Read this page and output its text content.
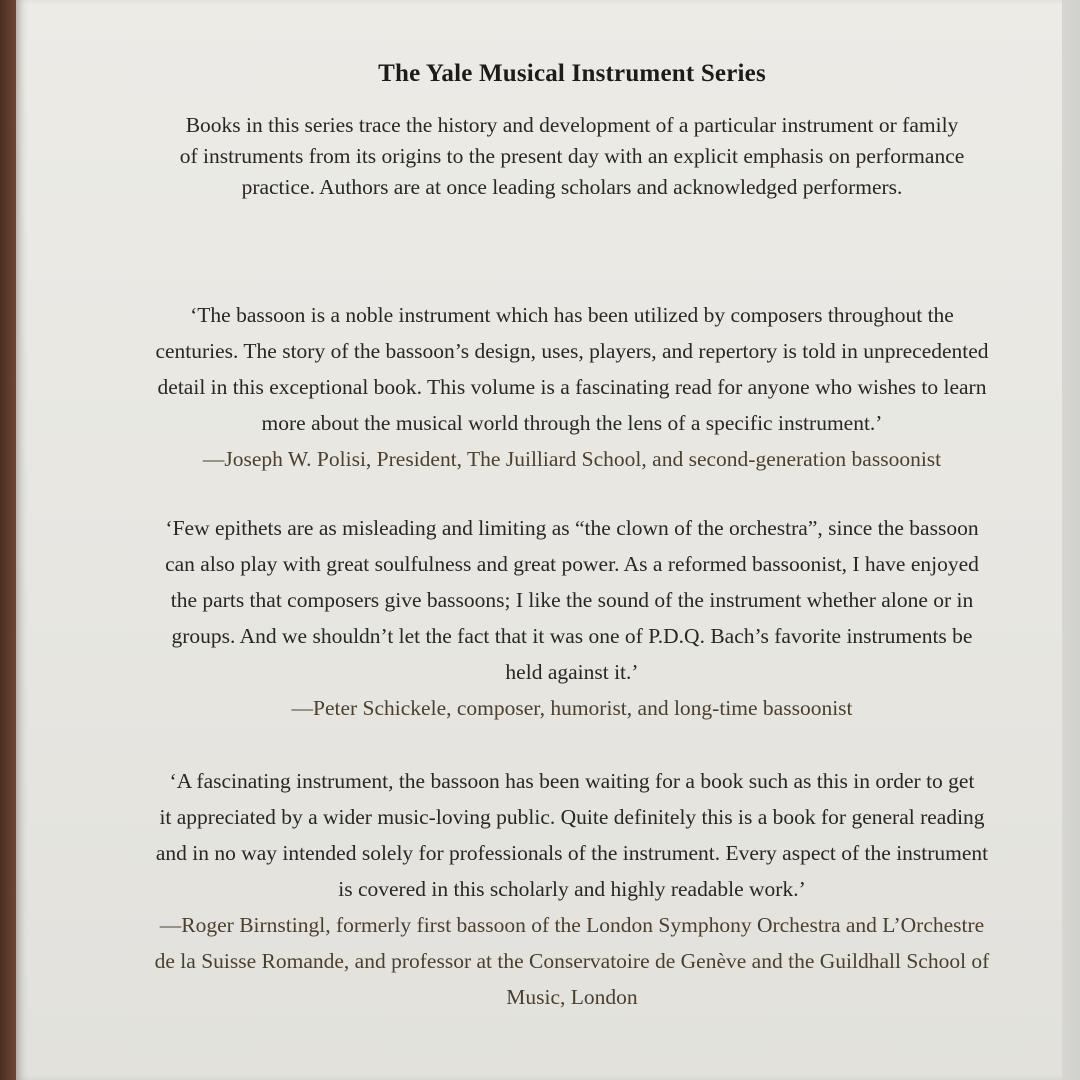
The Yale Musical Instrument Series
Books in this series trace the history and development of a particular instrument or family
of instruments from its origins to the present day with an explicit emphasis on performance
practice. Authors are at once leading scholars and acknowledged performers.
‘The bassoon is a noble instrument which has been utilized by composers throughout the
centuries. The story of the bassoon’s design, uses, players, and repertory is told in unprecedented
detail in this exceptional book. This volume is a fascinating read for anyone who wishes to learn
more about the musical world through the lens of a specific instrument.’
—Joseph W. Polisi, President, The Juilliard School, and second-generation bassoonist
‘Few epithets are as misleading and limiting as “the clown of the orchestra”, since the bassoon
can also play with great soulfulness and great power. As a reformed bassoonist, I have enjoyed
the parts that composers give bassoons; I like the sound of the instrument whether alone or in
groups. And we shouldn’t let the fact that it was one of P.D.Q. Bach’s favorite instruments be
held against it.’
—Peter Schickele, composer, humorist, and long-time bassoonist
‘A fascinating instrument, the bassoon has been waiting for a book such as this in order to get
it appreciated by a wider music-loving public. Quite definitely this is a book for general reading
and in no way intended solely for professionals of the instrument. Every aspect of the instrument
is covered in this scholarly and highly readable work.’
—Roger Birnstingl, formerly first bassoon of the London Symphony Orchestra and L’Orchestre
de la Suisse Romande, and professor at the Conservatoire de Genève and the Guildhall School of
Music, London
